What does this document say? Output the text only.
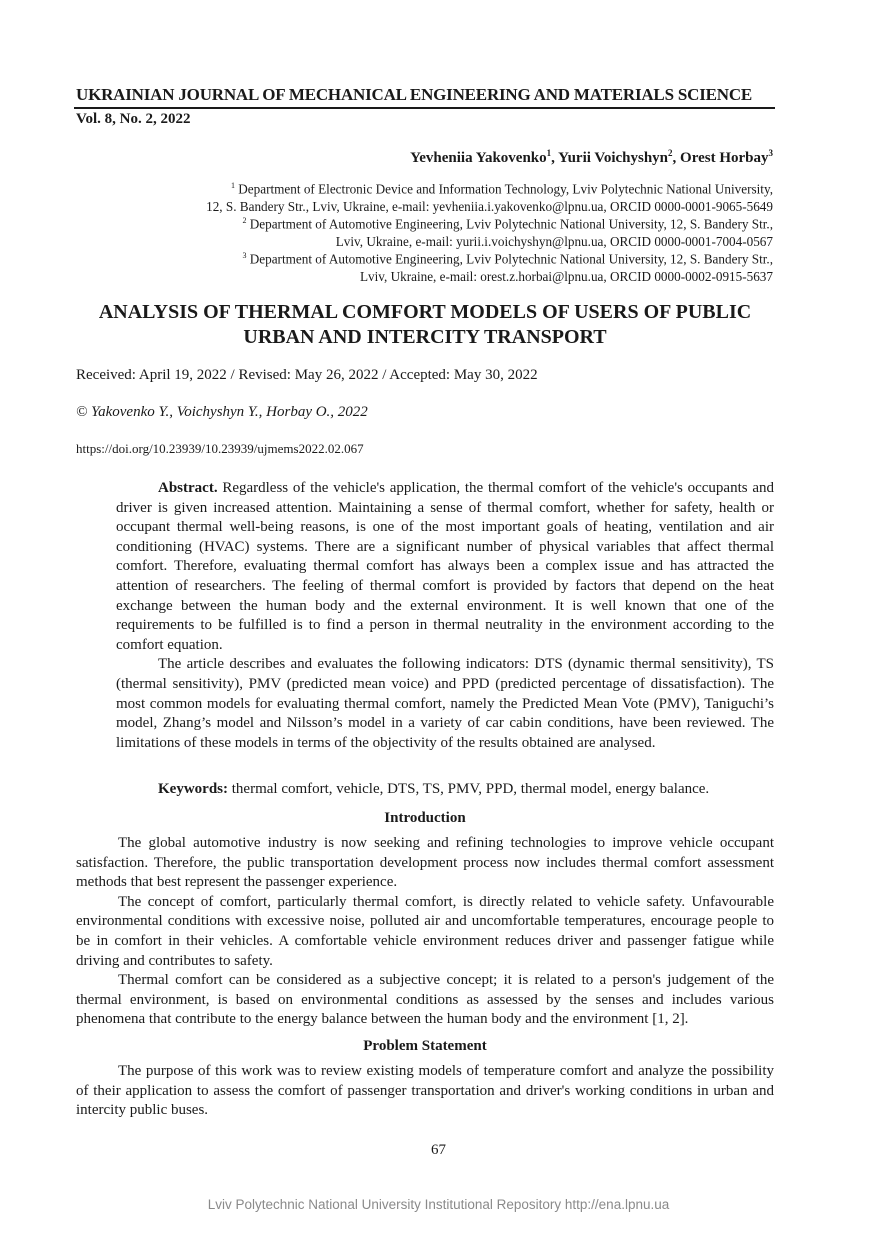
UKRAINIAN JOURNAL OF MECHANICAL ENGINEERING AND MATERIALS SCIENCE
Vol. 8, No. 2, 2022
Yevheniia Yakovenko$^1$, Yurii Voichyshyn$^2$, Orest Horbay$^3$
$^1$ Department of Electronic Device and Information Technology, Lviv Polytechnic National University,
12, S. Bandery Str., Lviv, Ukraine, e-mail: yevheniia.i.yakovenko@lpnu.ua, ORCID 0000-0001-9065-5649
$^2$ Department of Automotive Engineering, Lviv Polytechnic National University, 12, S. Bandery Str.,
Lviv, Ukraine, e-mail: yurii.i.voichyshyn@lpnu.ua, ORCID 0000-0001-7004-0567
$^3$ Department of Automotive Engineering, Lviv Polytechnic National University, 12, S. Bandery Str.,
Lviv, Ukraine, e-mail: orest.z.horbai@lpnu.ua, ORCID 0000-0002-0915-5637
ANALYSIS OF THERMAL COMFORT MODELS OF USERS OF PUBLIC
URBAN AND INTERCITY TRANSPORT
Received: April 19, 2022 / Revised: May 26, 2022 / Accepted: May 30, 2022
© Yakovenko Y., Voichyshyn Y., Horbay O., 2022
https://doi.org/10.23939/10.23939/ujmems2022.02.067

Abstract. Regardless of the vehicle's application, the thermal comfort of the vehicle's occupants and driver is given increased attention. Maintaining a sense of thermal comfort, whether for safety, health or occupant thermal well-being reasons, is one of the most important goals of heating, ventilation and air conditioning (HVAC) systems. There are a significant number of physical variables that affect thermal comfort. Therefore, evaluating thermal comfort has always been a complex issue and has attracted the attention of researchers. The feeling of thermal comfort is provided by factors that depend on the heat exchange between the human body and the external environment. It is well known that one of the requirements to be fulfilled is to find a person in thermal neutrality in the environment according to the comfort equation.

The article describes and evaluates the following indicators: DTS (dynamic thermal sensitivity), TS (thermal sensitivity), PMV (predicted mean voice) and PPD (predicted percentage of dissatisfaction). The most common models for evaluating thermal comfort, namely the Predicted Mean Vote (PMV), Taniguchi’s model, Zhang’s model and Nilsson’s model in a variety of car cabin conditions, have been reviewed. The limitations of these models in terms of the objectivity of the results obtained are analysed.

Keywords: thermal comfort, vehicle, DTS, TS, PMV, PPD, thermal model, energy balance.
Introduction

The global automotive industry is now seeking and refining technologies to improve vehicle occupant satisfaction. Therefore, the public transportation development process now includes thermal comfort assessment methods that best represent the passenger experience.

The concept of comfort, particularly thermal comfort, is directly related to vehicle safety. Unfavourable environmental conditions with excessive noise, polluted air and uncomfortable temperatures, encourage people to be in comfort in their vehicles. A comfortable vehicle environment reduces driver and passenger fatigue while driving and contributes to safety.

Thermal comfort can be considered as a subjective concept; it is related to a person's judgement of the thermal environment, is based on environmental conditions as assessed by the senses and includes various phenomena that contribute to the energy balance between the human body and the environment [1, 2].

Problem Statement

The purpose of this work was to review existing models of temperature comfort and analyze the possibility of their application to assess the comfort of passenger transportation and driver's working conditions in urban and intercity public buses.

67
Lviv Polytechnic National University Institutional Repository http://ena.lpnu.ua
